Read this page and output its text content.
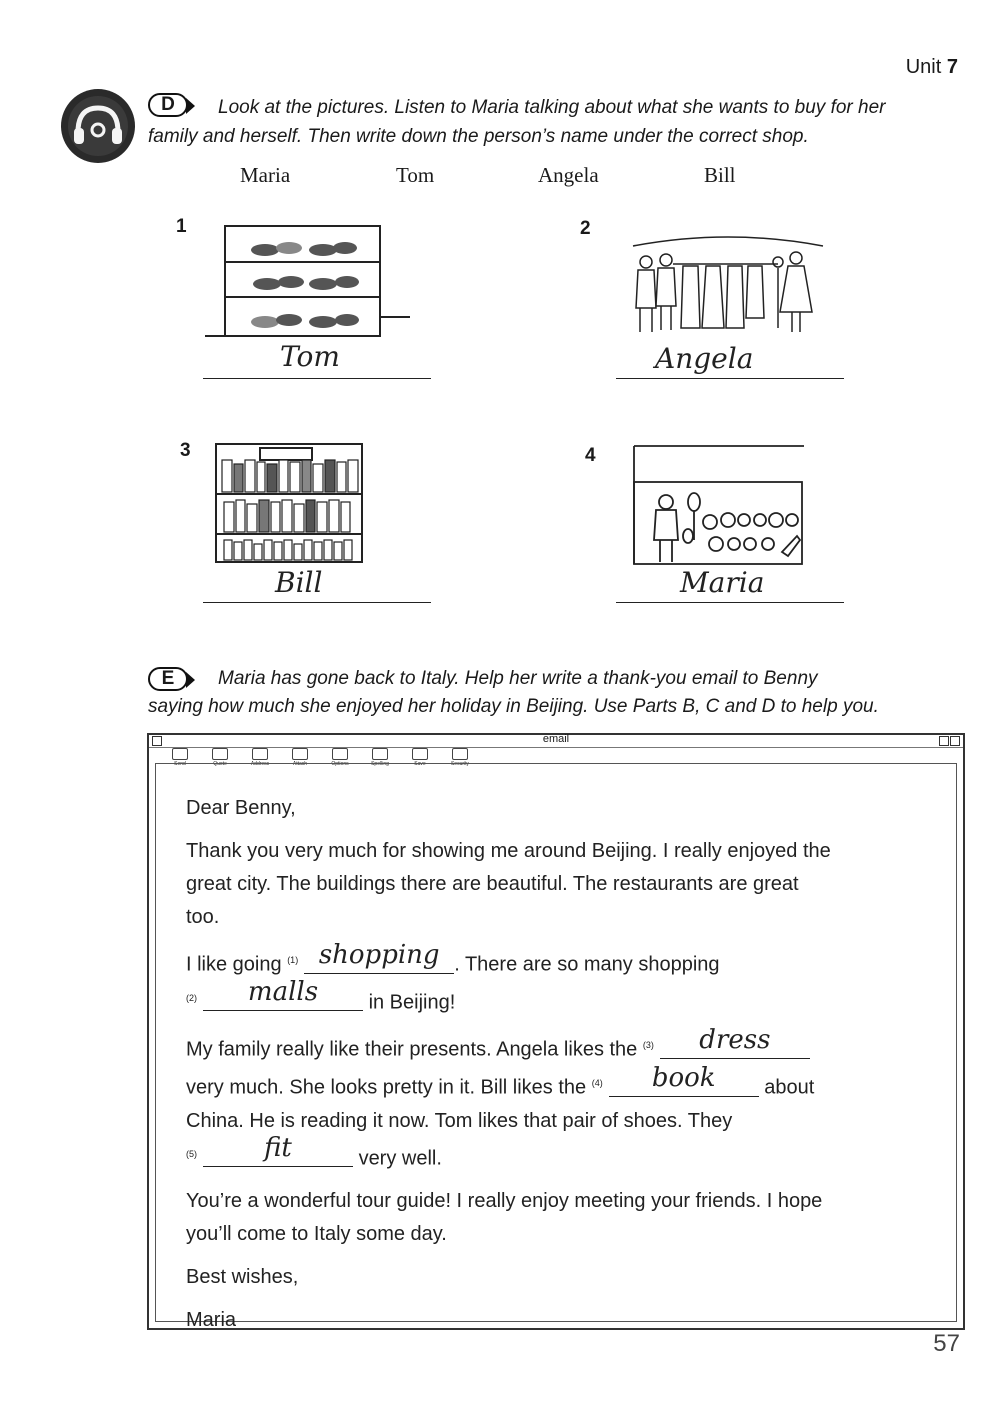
Unit 7
D	Look at the pictures. Listen to Maria talking about what she wants to buy for her
family and herself. Then write down the person’s name under the correct shop.
Maria	Tom	Angela	Bill
1
Tom
2
Angela
3
Bill
4
Maria
E	Maria has gone back to Italy. Help her write a thank-you email to Benny
saying how much she enjoyed her holiday in Beijing. Use Parts B, C and D to help you.
email
Send	Quote	Address	Attach	Options	Spelling	Save	Security
Dear Benny,
Thank you very much for showing me around Beijing. I really enjoyed the
great city. The buildings there are beautiful. The restaurants are great
too.
I like going $^{(1)}$ shopping . There are so many shopping
$^{(2)}$ malls	in Beijing!
My family really like their presents. Angela likes the $^{(3)}$ dress
very much. She looks pretty in it. Bill likes the $^{(4)}$ book about
China. He is reading it now. Tom likes that pair of shoes. They
$^{(5)}$	fit	very well.
You’re a wonderful tour guide! I really enjoy meeting your friends. I hope
you’ll come to Italy some day.
Best wishes,
Maria
57
